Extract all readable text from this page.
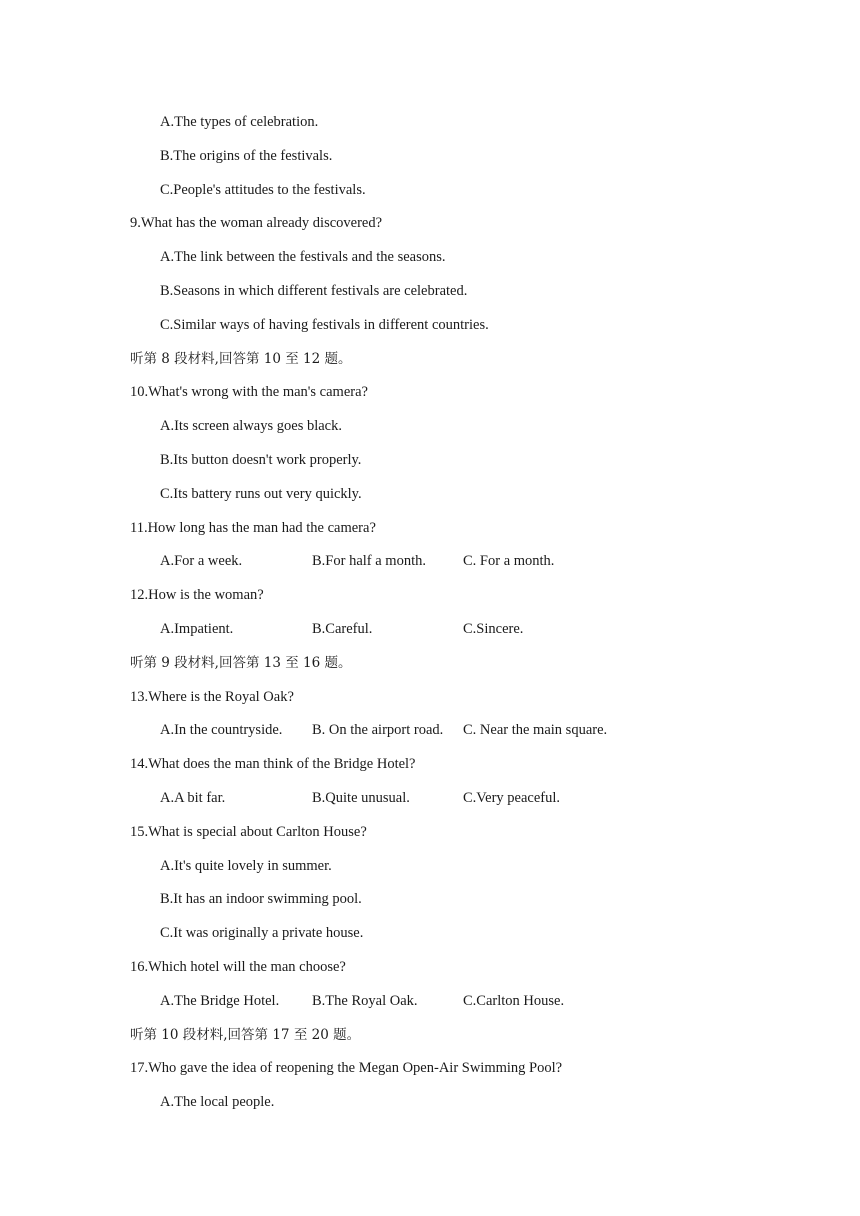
A.The types of celebration.
B.The origins of the festivals.
C.People's attitudes to the festivals.
9.What has the woman already discovered?
A.The link between the festivals and the seasons.
B.Seasons in which different festivals are celebrated.
C.Similar ways of having festivals in different countries.
听第 8 段材料,回答第 10 至 12 题。
10.What's wrong with the man's camera?
A.Its screen always goes black.
B.Its button doesn't work properly.
C.Its battery runs out very quickly.
11.How long has the man had the camera?
A.For a week.	B.For half a month.	C. For a month.
12.How is the woman?
A.Impatient.	B.Careful.	C.Sincere.
听第 9 段材料,回答第 13 至 16 题。
13.Where is the Royal Oak?
A.In the countryside. B. On the airport road. C. Near the main square.
14.What does the man think of the Bridge Hotel?
A.A bit far.	B.Quite unusual.	C.Very peaceful.
15.What is special about Carlton House?
A.It's quite lovely in summer.
B.It has an indoor swimming pool.
C.It was originally a private house.
16.Which hotel will the man choose?
A.The Bridge Hotel. B.The Royal Oak.	C.Carlton House.
听第 10 段材料,回答第 17 至 20 题。
17.Who gave the idea of reopening the Megan Open-Air Swimming Pool?
A.The local people.
